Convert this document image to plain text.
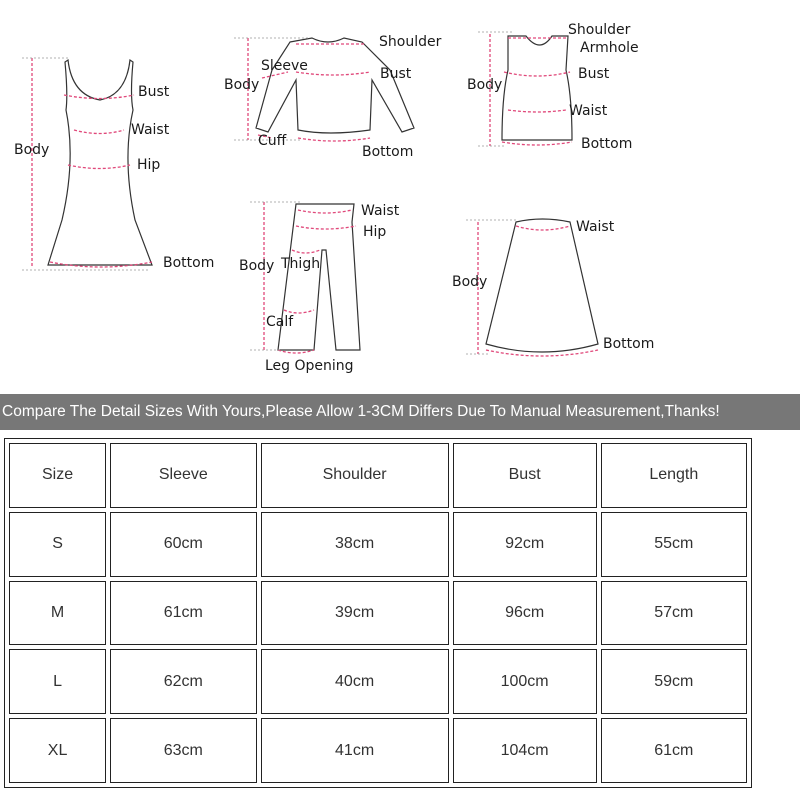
Bust
Waist
Hip
Body
Bottom
Shoulder
Sleeve	Bust
Body
Cuff
Bottom
Shoulder
Armhole
Bust
Body
Waist
Bottom
Waist
Hip
Body Thigh
Calf
Leg Opening
Waist
Body
Bottom
Compare The Detail Sizes With Yours,Please Allow 1-3CM Differs Due To Manual Measurement,Thanks!
Size	Sleeve	Shoulder	Bust	Length
S	60cm	38cm	92cm	55cm
M	61cm	39cm	96cm	57cm
L	62cm	40cm	100cm	59cm
XL	63cm	41cm	104cm	61cm
